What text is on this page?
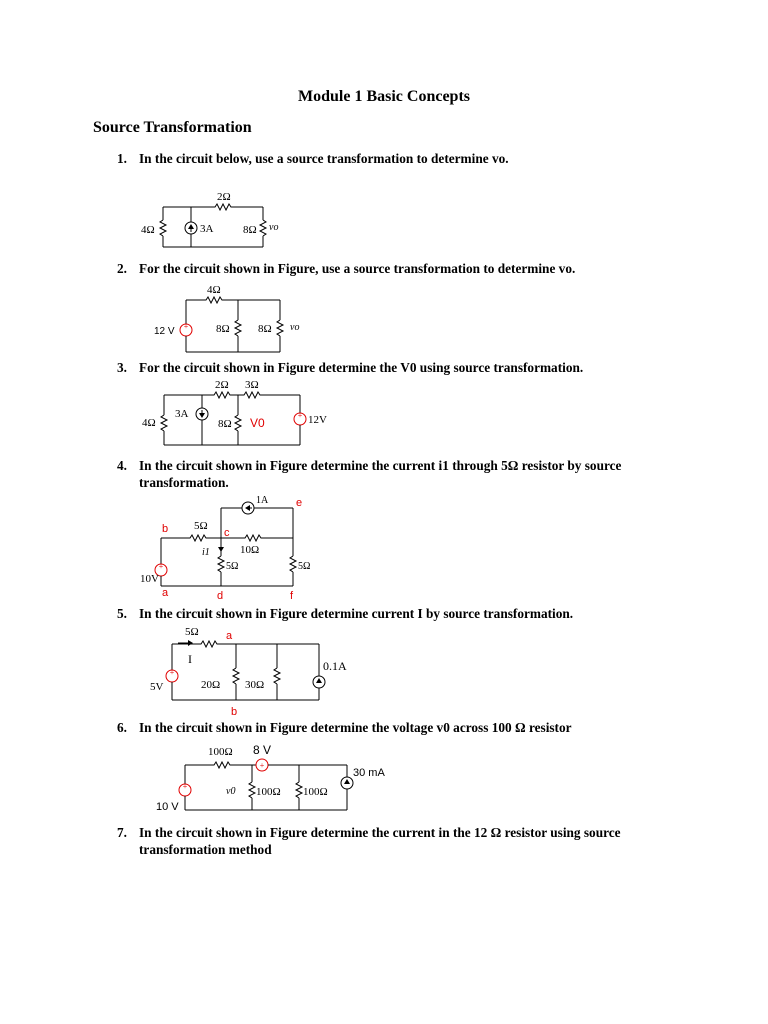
Module 1 Basic Concepts
Source Transformation
1. In the circuit below, use a source transformation to determine vo.
4Ω
2Ω
3A	8Ω vo
2. For the circuit shown in Figure, use a source transformation to determine vo.
+
4Ω
12 V	8Ω	8Ω vo
3. For the circuit shown in Figure determine the V0 using source transformation.
+
4Ω
3A
2Ω 3Ω
8Ω V0	12V
4. In the circuit shown in Figure determine the current i1 through 5Ω resistor by source transformation.
+
1A
5Ω
10Ω
i1
5Ω	5Ω
10V
b	c
e
a	d	f
5. In the circuit shown in Figure determine current I by source transformation.
+
5Ω a
I
5V	20Ω 30Ω
0.1A
b
6. In the circuit shown in Figure determine the voltage v0 across 100 Ω resistor
+
+
100Ω 8 V
10 V
v0 100Ω 100Ω
30 mA
7. In the circuit shown in Figure determine the current in the 12 Ω resistor using source transformation method
